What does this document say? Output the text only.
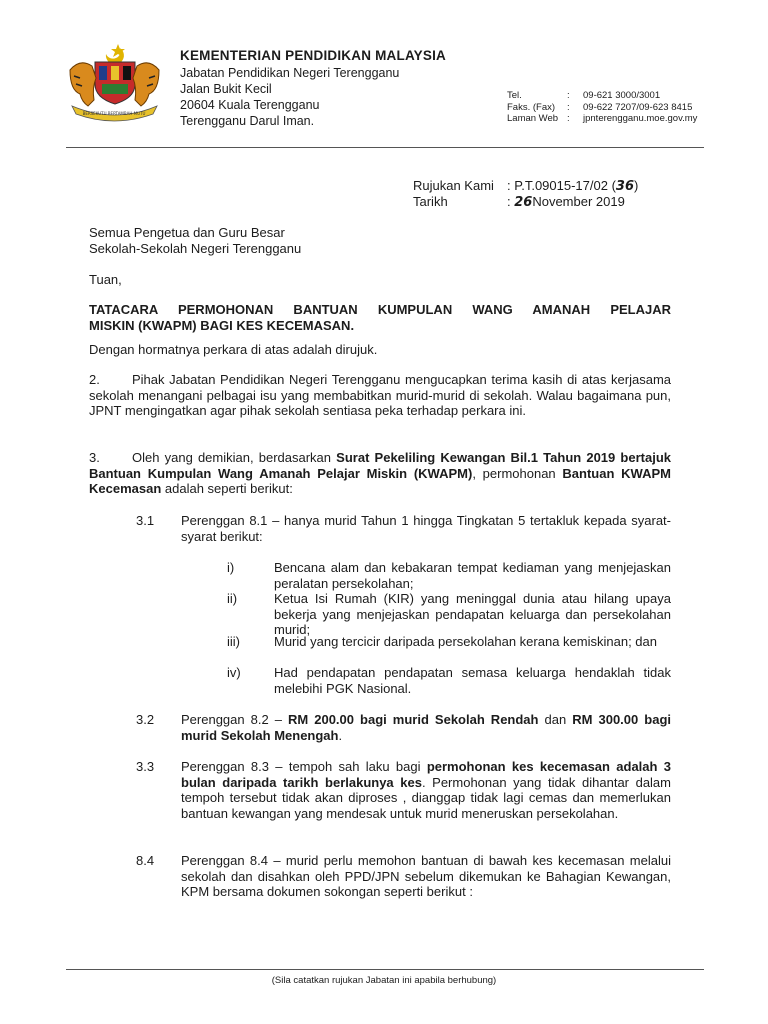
BERSEKUTU BERTAMBAH MUTU
KEMENTERIAN PENDIDIKAN MALAYSIA
Jabatan Pendidikan Negeri Terengganu
Jalan Bukit Kecil
20604 Kuala Terengganu
Terengganu Darul Iman.
Tel.	:	09-621 3000/3001
Faks. (Fax)	:	09-622 7207/09-623 8415
Laman Web :	jpnterengganu.moe.gov.my
Rujukan Kami : P.T.09015-17/02 (36)
Tarikh	: 26November 2019
Semua Pengetua dan Guru Besar
Sekolah-Sekolah Negeri Terengganu
Tuan,
TATACARA PERMOHONAN BANTUAN KUMPULAN WANG AMANAH PELAJAR
MISKIN (KWAPM) BAGI KES KECEMASAN.
Dengan hormatnya perkara di atas adalah dirujuk.
2. Pihak Jabatan Pendidikan Negeri Terengganu mengucapkan terima kasih di atas kerjasama sekolah menangani pelbagai isu yang membabitkan murid-murid di sekolah. Walau bagaimana pun, JPNT mengingatkan agar pihak sekolah sentiasa peka terhadap perkara ini.
3. Oleh yang demikian, berdasarkan Surat Pekeliling Kewangan Bil.1 Tahun 2019 bertajuk Bantuan Kumpulan Wang Amanah Pelajar Miskin (KWAPM), permohonan Bantuan KWAPM Kecemasan adalah seperti berikut:
3.1 Perenggan 8.1 – hanya murid Tahun 1 hingga Tingkatan 5 tertakluk kepada syarat-syarat berikut:
i)	Bencana alam dan kebakaran tempat kediaman yang menjejaskan peralatan persekolahan;
ii)	Ketua Isi Rumah (KIR) yang meninggal dunia atau hilang upaya bekerja yang menjejaskan pendapatan keluarga dan persekolahan murid;
iii)	Murid yang tercicir daripada persekolahan kerana kemiskinan; dan
iv)	Had pendapatan pendapatan semasa keluarga hendaklah tidak melebihi PGK Nasional.
3.2 Perenggan 8.2 – RM 200.00 bagi murid Sekolah Rendah dan RM 300.00 bagi murid Sekolah Menengah.
3.3 Perenggan 8.3 – tempoh sah laku bagi permohonan kes kecemasan adalah 3 bulan daripada tarikh berlakunya kes. Permohonan yang tidak dihantar dalam tempoh tersebut tidak akan diproses , dianggap tidak lagi cemas dan memerlukan bantuan kewangan yang mendesak untuk murid meneruskan persekolahan.
8.4 Perenggan 8.4 – murid perlu memohon bantuan di bawah kes kecemasan melalui sekolah dan disahkan oleh PPD/JPN sebelum dikemukan ke Bahagian Kewangan, KPM bersama dokumen sokongan seperti berikut :
(Sila catatkan rujukan Jabatan ini apabila berhubung)
